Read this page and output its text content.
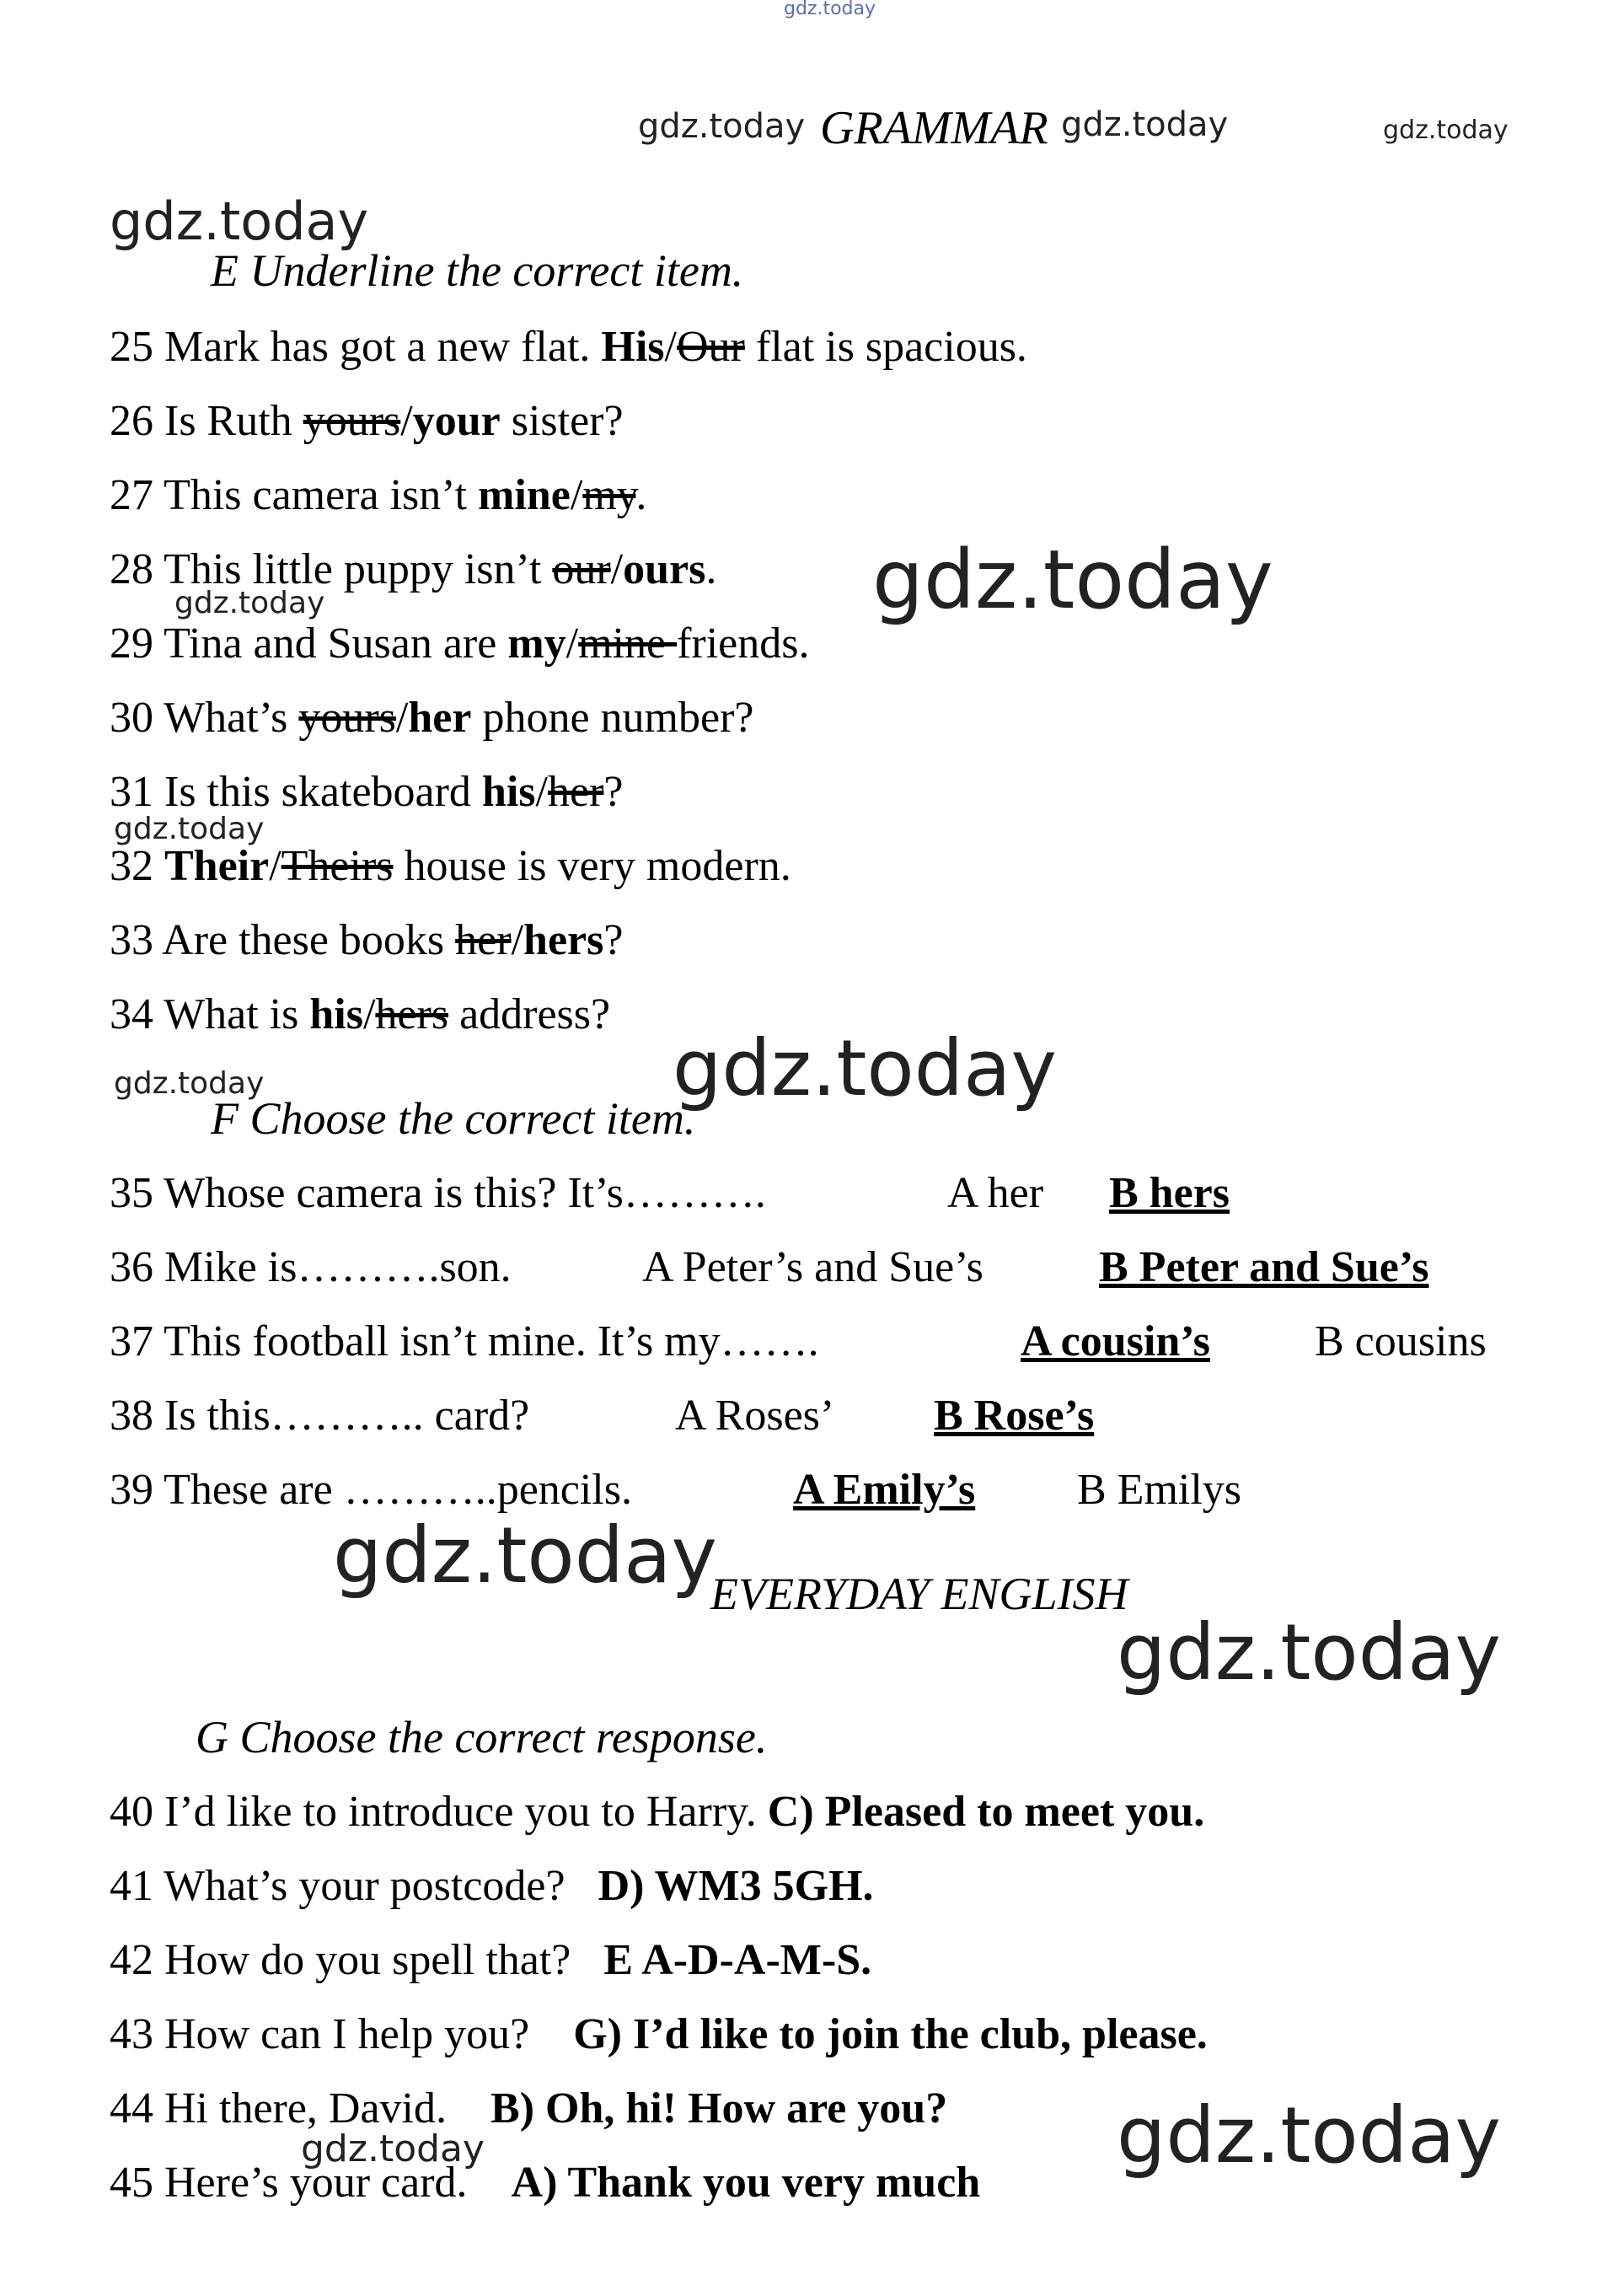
gdz.today
gdz.today	gdz.today	gdz.today
gdz.today
gdz.today
gdz.today
gdz.today
gdz.today
gdz.today
gdz.today
gdz.today
gdz.today
gdz.today
GRAMMAR
EVERYDAY ENGLISH
E Underline the correct item.
25 Mark has got a new flat. His/Our flat is spacious.
26 Is Ruth yours/your sister?
27 This camera isn’t mine/my.
28 This little puppy isn’t our/ours.
29 Tina and Susan are my/mine friends.
30 What’s yours/her phone number?
31 Is this skateboard his/her?
32 Their/Theirs house is very modern.
33 Are these books her/hers?
34 What is his/hers address?
F Choose the correct item.
35 Whose camera is this? It’s……….	A her B hers
36 Mike is……….son.	A Peter’s and Sue’s	B Peter and Sue’s
37 This football isn’t mine. It’s my…….	A cousin’s B cousins
38 Is this……….. card?	A Roses’ B Rose’s
39 These are ………..pencils.	A Emily’s B Emilys
G Choose the correct response.
40 I’d like to introduce you to Harry. C) Pleased to meet you.
41 What’s your postcode? D) WM3 5GH.
42 How do you spell that? E A-D-A-M-S.
43 How can I help you? G) I’d like to join the club, please.
44 Hi there, David. B) Oh, hi! How are you?
45 Here’s your card. A) Thank you very much
